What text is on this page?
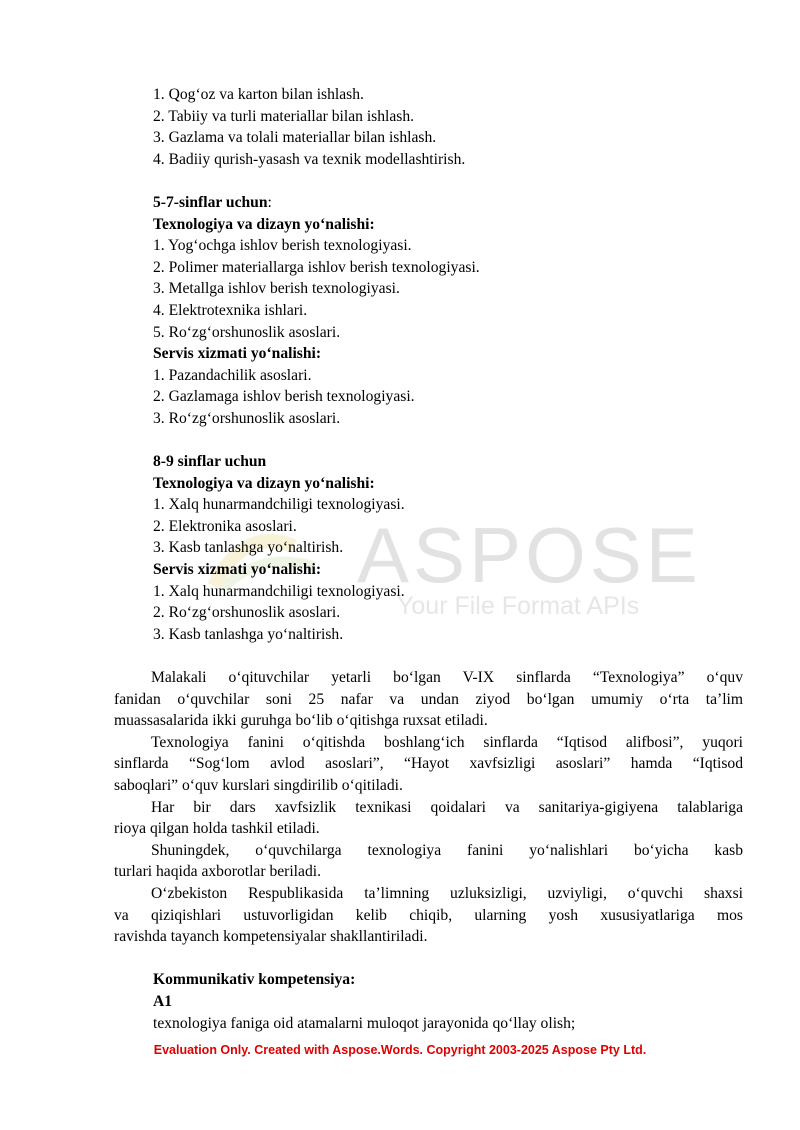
ASPOSE
Your File Format APIs
1. Qog‘oz va karton bilan ishlash.
2. Tabiiy va turli materiallar bilan ishlash.
3. Gazlama va tolali materiallar bilan ishlash.
4. Badiiy qurish-yasash va texnik modellashtirish.
5-7-sinflar uchun:
Texnologiya va dizayn yo‘nalishi:
1. Yog‘ochga ishlov berish texnologiyasi.
2. Polimer materiallarga ishlov berish texnologiyasi.
3. Metallga ishlov berish texnologiyasi.
4. Elektrotexnika ishlari.
5. Ro‘zg‘orshunoslik asoslari.
Servis xizmati yo‘nalishi:
1. Pazandachilik asoslari.
2. Gazlamaga ishlov berish texnologiyasi.
3. Ro‘zg‘orshunoslik asoslari.
8-9 sinflar uchun
Texnologiya va dizayn yo‘nalishi:
1. Xalq hunarmandchiligi texnologiyasi.
2. Elektronika asoslari.
3. Kasb tanlashga yo‘naltirish.
Servis xizmati yo‘nalishi:
1. Xalq hunarmandchiligi texnologiyasi.
2. Ro‘zg‘orshunoslik asoslari.
3. Kasb tanlashga yo‘naltirish.
Malakali o‘qituvchilar yetarli bo‘lgan V-IX sinflarda “Texnologiya” o‘quv
fanidan o‘quvchilar soni 25 nafar va undan ziyod bo‘lgan umumiy o‘rta ta’lim
muassasalarida ikki guruhga bo‘lib o‘qitishga ruxsat etiladi.
Texnologiya fanini o‘qitishda boshlang‘ich sinflarda “Iqtisod alifbosi”, yuqori
sinflarda “Sog‘lom avlod asoslari”, “Hayot xavfsizligi asoslari” hamda “Iqtisod
saboqlari” o‘quv kurslari singdirilib o‘qitiladi.
Har bir dars xavfsizlik texnikasi qoidalari va sanitariya-gigiyena talablariga
rioya qilgan holda tashkil etiladi.
Shuningdek, o‘quvchilarga texnologiya fanini yo‘nalishlari bo‘yicha kasb
turlari haqida axborotlar beriladi.
O‘zbekiston Respublikasida ta’limning uzluksizligi, uzviyligi, o‘quvchi shaxsi
va qiziqishlari ustuvorligidan kelib chiqib, ularning yosh xususiyatlariga mos
ravishda tayanch kompetensiyalar shakllantiriladi.
Kommunikativ kompetensiya:
A1
texnologiya faniga oid atamalarni muloqot jarayonida qo‘llay olish;
Evaluation Only. Created with Aspose.Words. Copyright 2003-2025 Aspose Pty Ltd.
